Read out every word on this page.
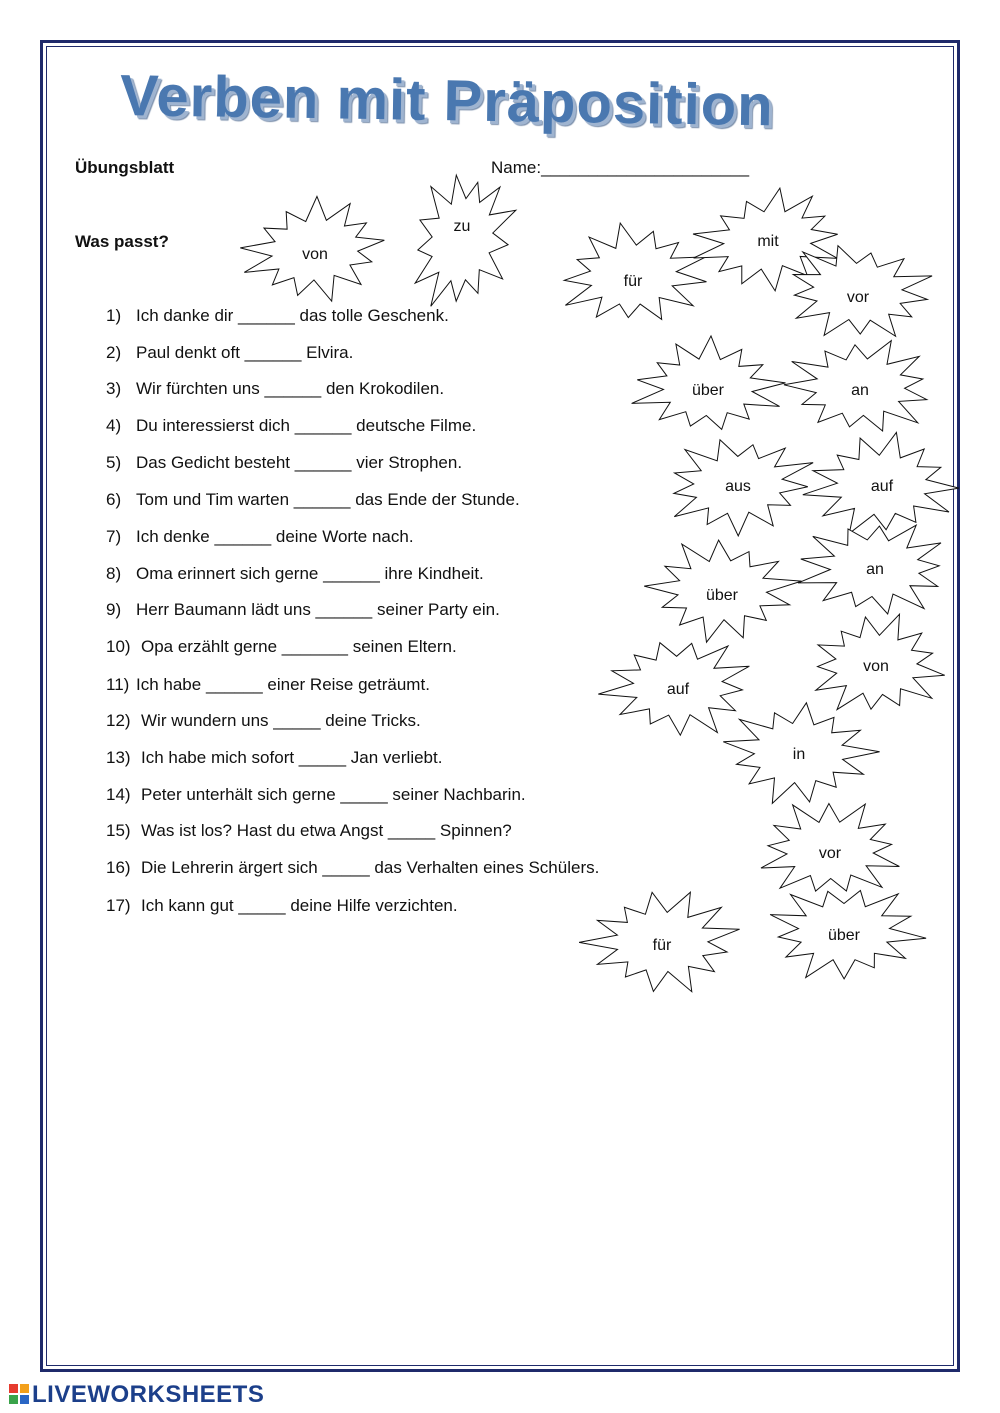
Verben mit Präposition
Übungsblatt	Name:______________________
Was passt?
1) Ich danke dir ______ das tolle Geschenk.
2) Paul denkt oft ______ Elvira.
3) Wir fürchten uns ______ den Krokodilen.
4) Du interessierst dich ______ deutsche Filme.
5) Das Gedicht besteht ______ vier Strophen.
6) Tom und Tim warten ______ das Ende der Stunde.
7) Ich denke ______ deine Worte nach.
8) Oma erinnert sich gerne ______ ihre Kindheit.
9) Herr Baumann lädt uns ______ seiner Party ein.
10) Opa erzählt gerne _______ seinen Eltern.
11) Ich habe ______ einer Reise geträumt.
12) Wir wundern uns _____ deine Tricks.
13) Ich habe mich sofort _____ Jan verliebt.
14) Peter unterhält sich gerne _____ seiner Nachbarin.
15) Was ist los? Hast du etwa Angst _____ Spinnen?
16) Die Lehrerin ärgert sich _____ das Verhalten eines Schülers.
17) Ich kann gut _____ deine Hilfe verzichten.
von
zu
für
mit
vor
über	an
aus	auf
an
über
von
auf
in
vor
für
über
LIVEWORKSHEETS
